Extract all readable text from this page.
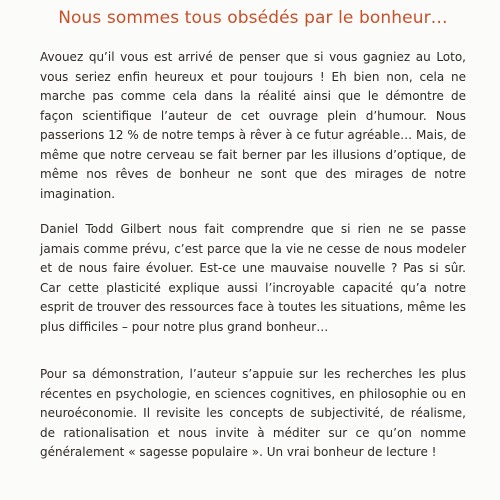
Nous sommes tous obsédés par le bonheur…

Avouez qu’il vous est arrivé de penser que si vous gagniez au Loto, vous seriez enfin heureux et pour toujours ! Eh bien non, cela ne marche pas comme cela dans la réalité ainsi que le démontre de façon scientifique l’auteur de cet ouvrage plein d’humour. Nous passerions 12 % de notre temps à rêver à ce futur agréable… Mais, de même que notre cerveau se fait berner par les illusions d’optique, de même nos rêves de bonheur ne sont que des mirages de notre imagination.

Daniel Todd Gilbert nous fait comprendre que si rien ne se passe jamais comme prévu, c’est parce que la vie ne cesse de nous modeler et de nous faire évoluer. Est-ce une mauvaise nouvelle ? Pas si sûr. Car cette plasticité explique aussi l’incroyable capacité qu’a notre esprit de trouver des ressources face à toutes les situations, même les plus difficiles – pour notre plus grand bonheur…

Pour sa démonstration, l’auteur s’appuie sur les recherches les plus récentes en psychologie, en sciences cognitives, en philosophie ou en neuroéconomie. Il revisite les concepts de subjectivité, de réalisme, de rationalisation et nous invite à méditer sur ce qu’on nomme généralement « sagesse populaire ». Un vrai bonheur de lecture !
